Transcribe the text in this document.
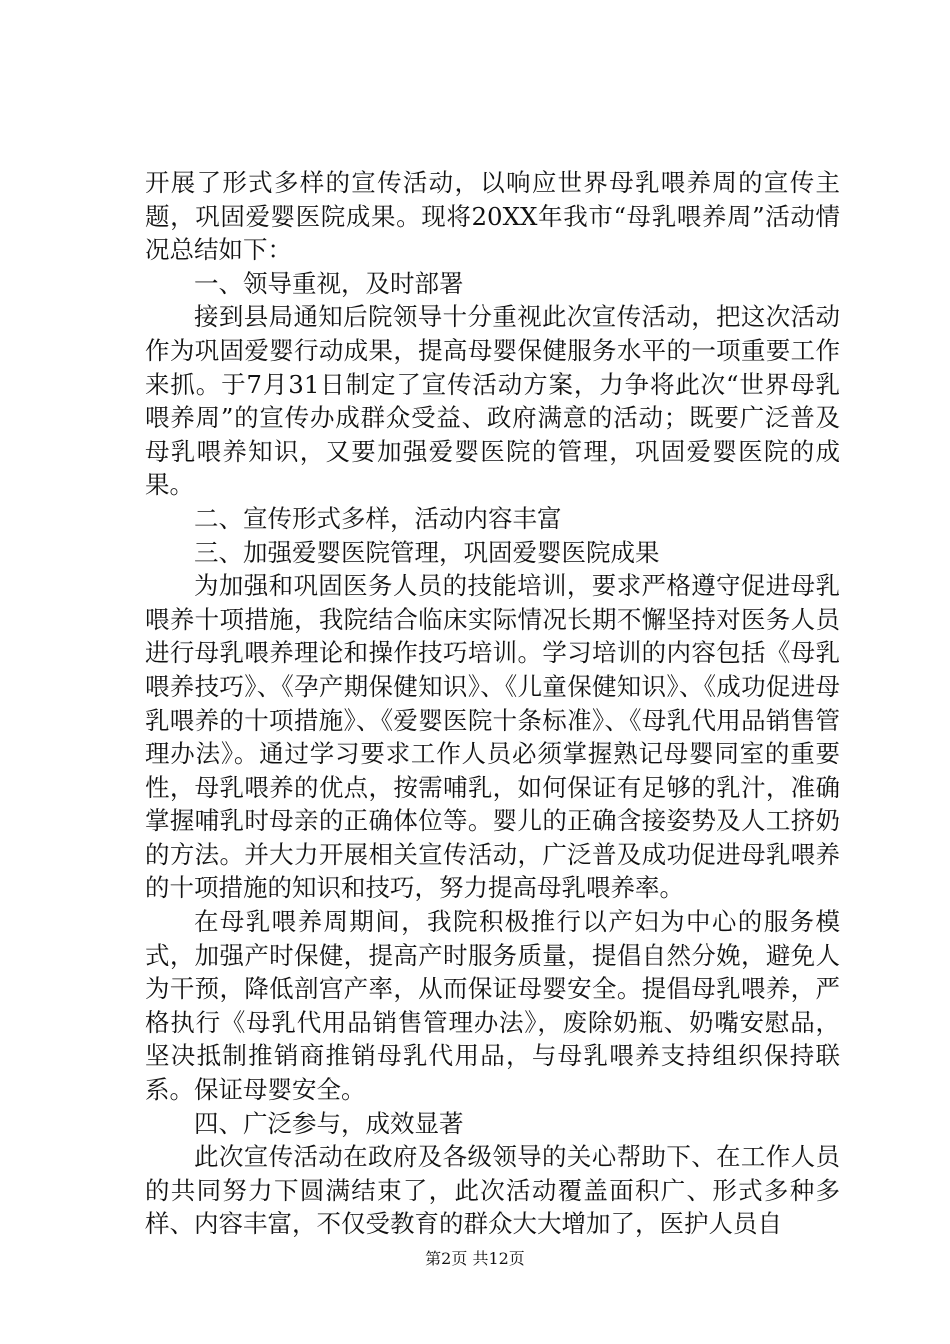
开展了形式多样的宣传活动，以响应世界母乳喂养周的宣传主题，巩固爱婴医院成果。现将20XX年我市“母乳喂养周”活动情况总结如下：

一、领导重视，及时部署

接到县局通知后院领导十分重视此次宣传活动，把这次活动作为巩固爱婴行动成果，提高母婴保健服务水平的一项重要工作来抓。于7月31日制定了宣传活动方案，力争将此次“世界母乳喂养周”的宣传办成群众受益、政府满意的活动；既要广泛普及母乳喂养知识，又要加强爱婴医院的管理，巩固爱婴医院的成果。

二、宣传形式多样，活动内容丰富

三、加强爱婴医院管理，巩固爱婴医院成果

为加强和巩固医务人员的技能培训，要求严格遵守促进母乳喂养十项措施，我院结合临床实际情况长期不懈坚持对医务人员进行母乳喂养理论和操作技巧培训。学习培训的内容包括《母乳喂养技巧》、《孕产期保健知识》、《儿童保健知识》、《成功促进母乳喂养的十项措施》、《爱婴医院十条标准》、《母乳代用品销售管理办法》。通过学习要求工作人员必须掌握熟记母婴同室的重要性，母乳喂养的优点，按需哺乳，如何保证有足够的乳汁，准确掌握哺乳时母亲的正确体位等。婴儿的正确含接姿势及人工挤奶的方法。并大力开展相关宣传活动，广泛普及成功促进母乳喂养的十项措施的知识和技巧，努力提高母乳喂养率。

在母乳喂养周期间，我院积极推行以产妇为中心的服务模式，加强产时保健，提高产时服务质量，提倡自然分娩，避免人为干预，降低剖宫产率，从而保证母婴安全。提倡母乳喂养，严格执行《母乳代用品销售管理办法》，废除奶瓶、奶嘴安慰品，坚决抵制推销商推销母乳代用品，与母乳喂养支持组织保持联系。保证母婴安全。

四、广泛参与，成效显著

此次宣传活动在政府及各级领导的关心帮助下、在工作人员的共同努力下圆满结束了，此次活动覆盖面积广、形式多种多样、内容丰富，不仅受教育的群众大大增加了，医护人员自

第2页 共12页
